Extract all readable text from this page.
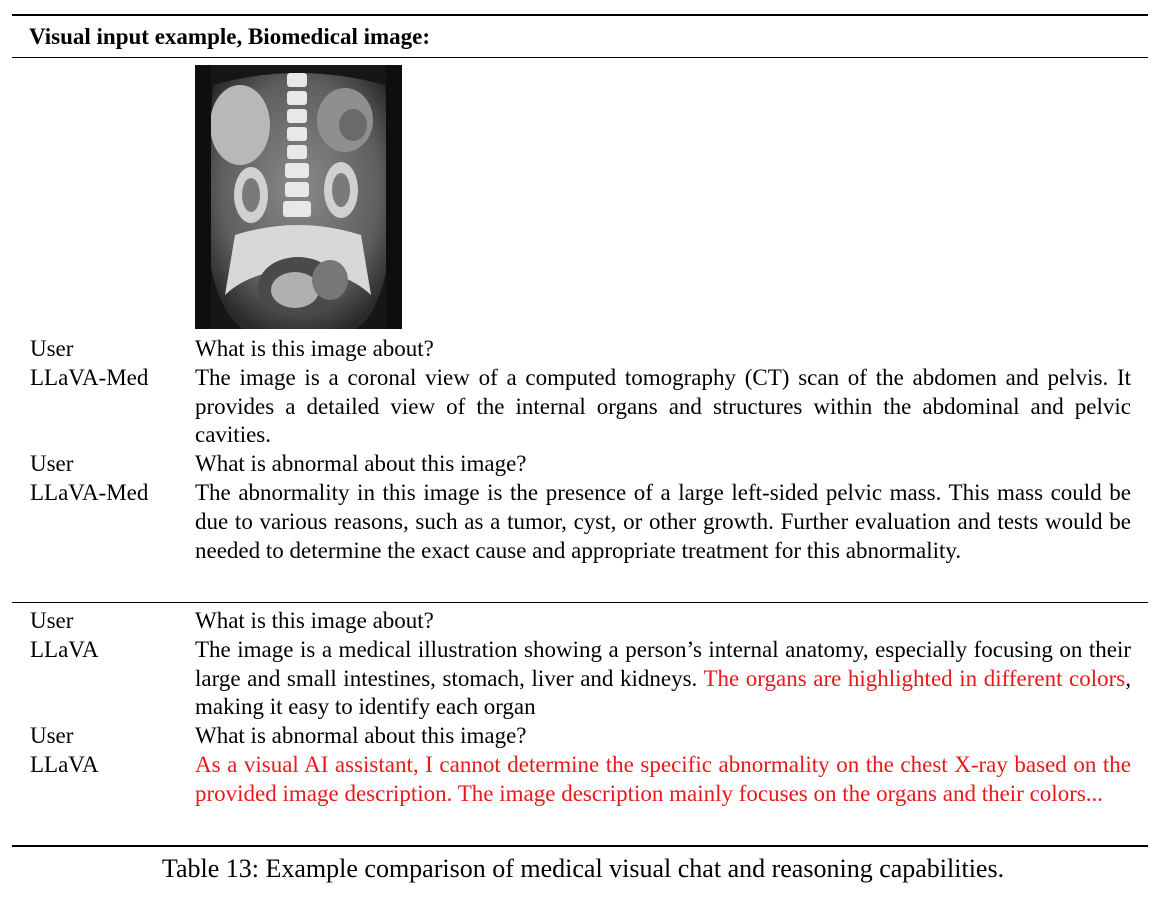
Visual input example, Biomedical image:
User	What is this image about?
LLaVA-Med The image is a coronal view of a computed tomography (CT) scan of the abdomen and pelvis. It provides a detailed view of the internal organs and structures within the abdominal and pelvic cavities.
User	What is abnormal about this image?
LLaVA-Med The abnormality in this image is the presence of a large left-sided pelvic mass. This mass could be due to various reasons, such as a tumor, cyst, or other growth. Further evaluation and tests would be needed to determine the exact cause and appropriate treatment for this abnormality.
User	What is this image about?
LLaVA	The image is a medical illustration showing a person’s internal anatomy, especially focusing on their large and small intestines, stomach, liver and kidneys. The organs are highlighted in different colors, making it easy to identify each organ
User	What is abnormal about this image?
LLaVA	As a visual AI assistant, I cannot determine the specific abnormality on the chest X-ray based on the provided image description. The image description mainly focuses on the organs and their colors...
Table 13: Example comparison of medical visual chat and reasoning capabilities.
